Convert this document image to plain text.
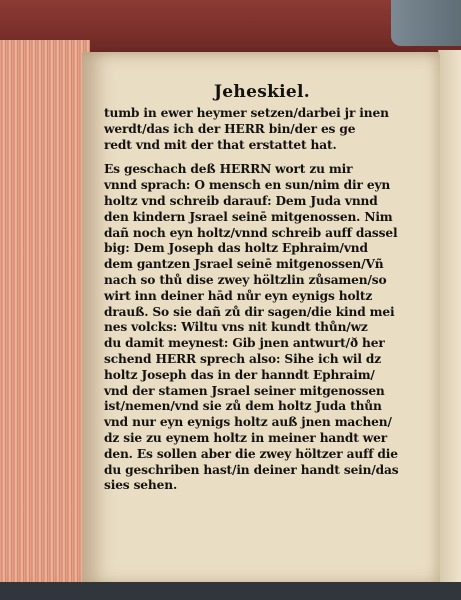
Jeheskiel.
tumb in ewer heymer setzen/darbei jr inen
werdt/das ich der HERR bin/der es ge
redt vnd mit der that erstattet hat.
Es geschach deß HERRN wort zu mir
vnnd sprach: O mensch en sun/nim dir eyn
holtz vnd schreib darauf: Dem Juda vnnd
den kindern Jsrael seinē mitgenossen. Nim
dañ noch eyn holtz/vnnd schreib auff dassel
big: Dem Joseph das holtz Ephraim/vnd
dem gantzen Jsrael seinē mitgenossen/Vñ
nach so thů dise zwey höltzlin zůsamen/so
wirt inn deiner hād nůr eyn eynigs holtz
drauß. So sie dañ zů dir sagen/die kind mei
nes volcks: Wiltu vns nit kundt thůn/wz
du damit meynest: Gib jnen antwurt/ð her
schend HERR sprech also: Sihe ich wil dz
holtz Joseph das in der hanndt Ephraim/
vnd der stamen Jsrael seiner mitgenossen
ist/nemen/vnd sie zů dem holtz Juda thůn
vnd nur eyn eynigs holtz auß jnen machen/
dz sie zu eynem holtz in meiner handt wer
den. Es sollen aber die zwey höltzer auff die
du geschriben hast/in deiner handt sein/das
sies sehen.
